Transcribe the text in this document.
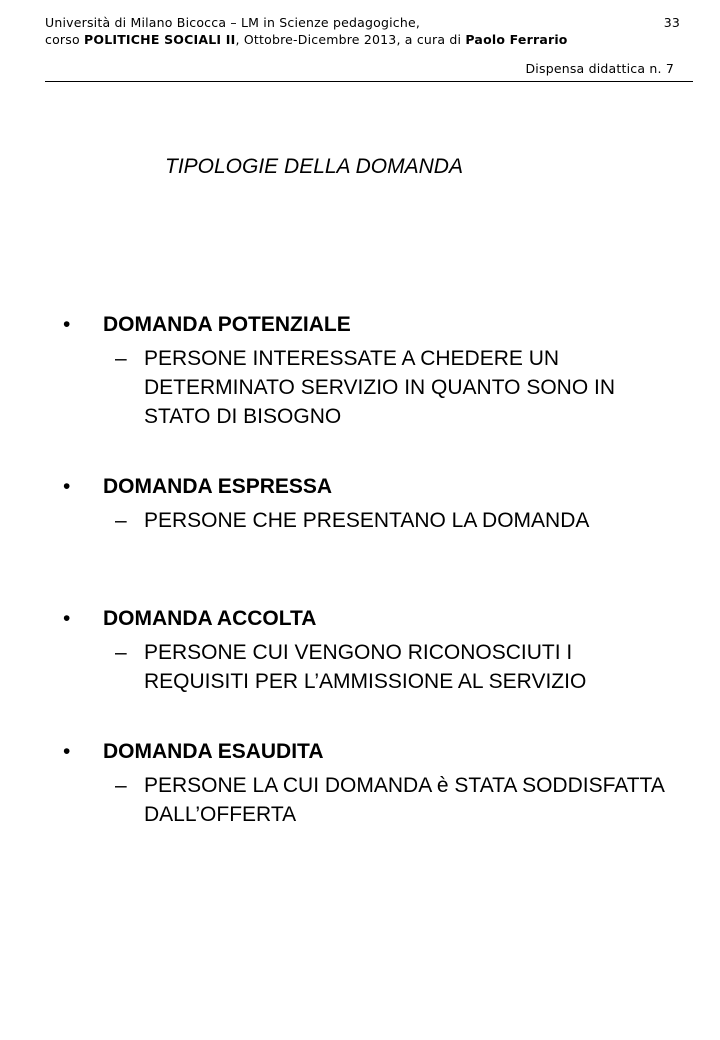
Università di Milano Bicocca – LM in Scienze pedagogiche,
corso POLITICHE SOCIALI II, Ottobre-Dicembre 2013, a cura di Paolo Ferrario
33
Dispensa didattica n. 7
TIPOLOGIE DELLA DOMANDA
• DOMANDA POTENZIALE
– PERSONE INTERESSATE A CHEDERE UN DETERMINATO SERVIZIO IN QUANTO SONO IN STATO DI BISOGNO
• DOMANDA ESPRESSA
– PERSONE CHE PRESENTANO LA DOMANDA
• DOMANDA ACCOLTA
– PERSONE CUI VENGONO RICONOSCIUTI I REQUISITI PER L’AMMISSIONE AL SERVIZIO
• DOMANDA ESAUDITA
– PERSONE LA CUI DOMANDA è STATA SODDISFATTA DALL’OFFERTA
